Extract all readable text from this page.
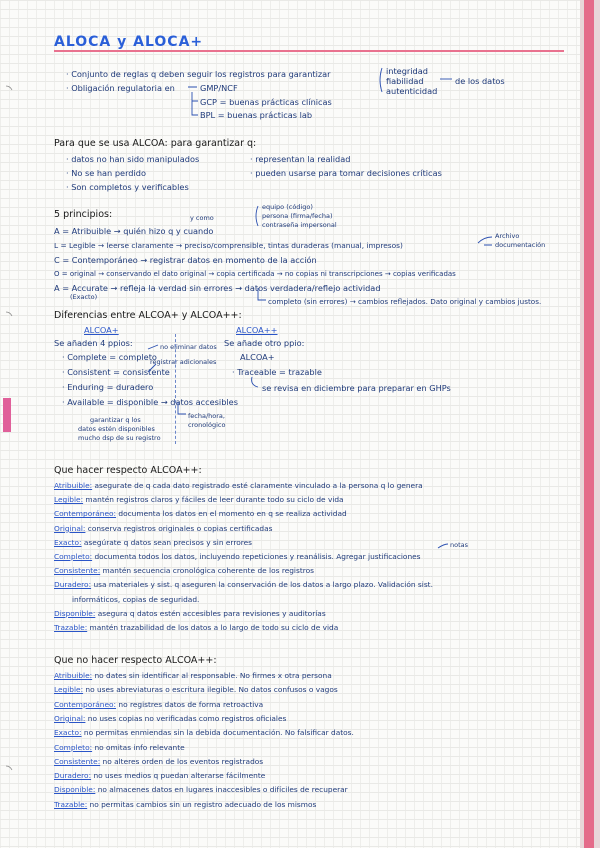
ALOCA y ALOCA+
· Conjunto de reglas q deben seguir los registros para garantizar
· Obligación regulatoria en	GMP/NCF
GCP = buenas prácticas clínicas
BPL = buenas prácticas lab
integridad
fiabilidad
autenticidad
de los datos
Para que se usa ALCOA: para garantizar q:
· datos no han sido manipulados	· representan la realidad
· No se han perdido	· pueden usarse para tomar decisiones críticas
· Son completos y verificables
5 principios:	y como
equipo (código)
persona (firma/fecha)
contraseña impersonal
A = Atribuible → quién hizo q y cuando
L = Legible → leerse claramente → preciso/comprensible, tintas duraderas (manual, impresos)
Archivo
documentación
C = Contemporáneo → registrar datos en momento de la acción
O = original → conservando el dato original → copia certificada → no copias ni transcripciones → copias verificadas
A = Accurate → refleja la verdad sin errores → datos verdadera/reflejo actividad
(Exacto)	completo (sin errores) → cambios reflejados. Dato original y cambios justos.
Diferencias entre ALCOA+ y ALCOA++:
ALCOA+
Se añaden 4 ppios:
· Complete = completo
no eliminar datos
registrar adicionales
· Consistent = consistente
· Enduring = duradero
· Available = disponible → datos accesibles
garantizar q los
datos estén disponibles
mucho dsp de su registro
fecha/hora,
cronológico
ALCOA++
Se añade otro ppio:
ALCOA+
· Traceable = trazable
se revisa en diciembre para preparar en GHPs
Que hacer respecto ALCOA++:
Atribuible: asegurate de q cada dato registrado esté claramente vinculado a la persona q lo genera
Legible: mantén registros claros y fáciles de leer durante todo su ciclo de vida
Contemporáneo: documenta los datos en el momento en q se realiza actividad
Original: conserva registros originales o copias certificadas
Exacto: asegúrate q datos sean precisos y sin errores
Completo: documenta todos los datos, incluyendo repeticiones y reanálisis. Agregar justificaciones
Consistente: mantén secuencia cronológica coherente de los registros
Duradero: usa materiales y sist. q aseguren la conservación de los datos a largo plazo. Validación sist.
informáticos, copias de seguridad.
Disponible: asegura q datos estén accesibles para revisiones y auditorías
Trazable: mantén trazabilidad de los datos a lo largo de todo su ciclo de vida
notas
Que no hacer respecto ALCOA++:
Atribuible: no dates sin identificar al responsable. No firmes x otra persona
Legible: no uses abreviaturas o escritura ilegible. No datos confusos o vagos
Contemporáneo: no registres datos de forma retroactiva
Original: no uses copias no verificadas como registros oficiales
Exacto: no permitas enmiendas sin la debida documentación. No falsificar datos.
Completo: no omitas info relevante
Consistente: no alteres orden de los eventos registrados
Duradero: no uses medios q puedan alterarse fácilmente
Disponible: no almacenes datos en lugares inaccesibles o difíciles de recuperar
Trazable: no permitas cambios sin un registro adecuado de los mismos
